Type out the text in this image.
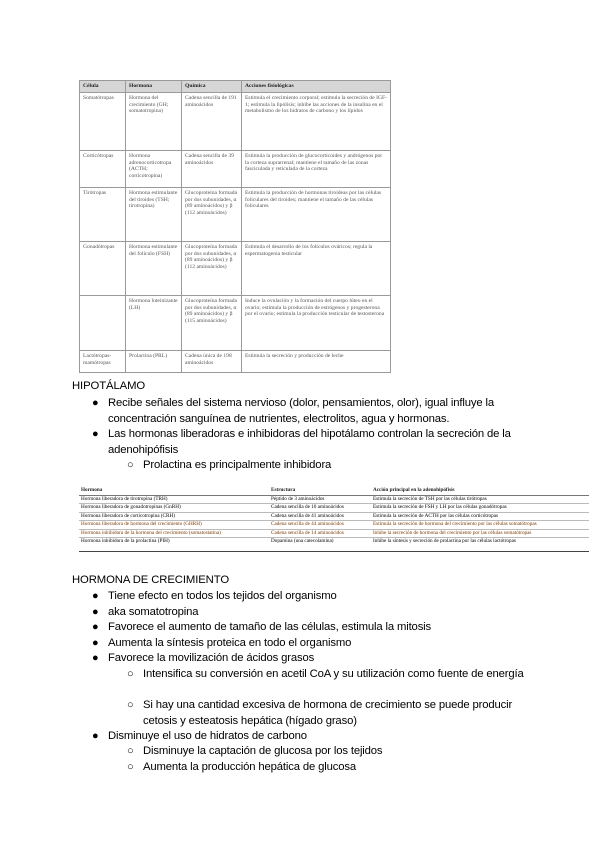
Célula	Hormona	Química	Acciones fisiológicas
Somatótropas	Hormona del crecimiento (GH; somatotropina)	Cadena sencilla de 191 aminoácidos	Estimula el crecimiento corporal; estimula la secreción de IGF-1; estimula la lipólisis; inhibe las acciones de la insulina en el metabolismo de los hidratos de carbono y los lípidos
Corticótropas	Hormona adrenocorticotropa (ACTH; corticotropina)	Cadena sencilla de 39 aminoácidos	Estimula la producción de glucocorticoides y andrógenos por la corteza suprarrenal; mantiene el tamaño de las zonas fasciculada y reticulada de la corteza
Tirótropas	Hormona estimulante del tiroides (TSH; tirotropina)	Glucoproteína formada por dos subunidades, α (89 aminoácidos) y β (112 aminoácidos)	Estimula la producción de hormonas tiroideas por las células foliculares del tiroides; mantiene el tamaño de las células foliculares
Gonadótropas	Hormona estimulante del folículo (FSH)	Glucoproteína formada por dos subunidades, α (89 aminoácidos) y β (112 aminoácidos)	Estimula el desarrollo de los folículos ováricos; regula la espermatogenia testicular
	Hormona luteinizante (LH)	Glucoproteína formada por dos subunidades, α (89 aminoácidos) y β (115 aminoácidos)	Induce la ovulación y la formación del cuerpo lúteo en el ovario; estimula la producción de estrógenos y progesterona por el ovario; estimula la producción testicular de testosterona
Lactótropas-mamótropas	Prolactina (PRL)	Cadena única de 198 aminoácidos	Estimula la secreción y producción de leche
HIPOTÁLAMO
● Recibe señales del sistema nervioso (dolor, pensamientos, olor), igual influye la concentración sanguínea de nutrientes, electrolitos, agua y hormonas.
● Las hormonas liberadoras e inhibidoras del hipotálamo controlan la secreción de la adenohipófisis
○ Prolactina es principalmente inhibidora
Hormona	Estructura	Acción principal en la adenohipófisis
Hormona liberadora de tirotropina (TRH)	Péptido de 3 aminoácidos	Estimula la secreción de TSH por las células tirótropas
Hormona liberadora de gonadotropinas (GnRH)	Cadena sencilla de 10 aminoácidos	Estimula la secreción de FSH y LH por las células gonadótropas
Hormona liberadora de corticotropina (CRH)	Cadena sencilla de 41 aminoácidos	Estimula la secreción de ACTH por las células corticótropas
Hormona liberadora de hormona del crecimiento (GHRH)	Cadena sencilla de 44 aminoácidos	Estimula la secreción de hormona del crecimiento por las células somatótropas
Hormona inhibidora de la hormona del crecimiento (somatostatina)	Cadena sencilla de 14 aminoácidos	Inhibe la secreción de hormona del crecimiento por las células somatótropas
Hormona inhibidora de la prolactina (PIH)	Dopamina (una catecolamina)	Inhibe la síntesis y secreción de prolactina por las células lactótropas
HORMONA DE CRECIMIENTO
● Tiene efecto en todos los tejidos del organismo
● aka somatotropina
● Favorece el aumento de tamaño de las células, estimula la mitosis
● Aumenta la síntesis proteica en todo el organismo
● Favorece la movilización de ácidos grasos
○ Intensifica su conversión en acetil CoA y su utilización como fuente de energía
○ Si hay una cantidad excesiva de hormona de crecimiento se puede producir cetosis y esteatosis hepática (hígado graso)
● Disminuye el uso de hidratos de carbono
○ Disminuye la captación de glucosa por los tejidos
○ Aumenta la producción hepática de glucosa
